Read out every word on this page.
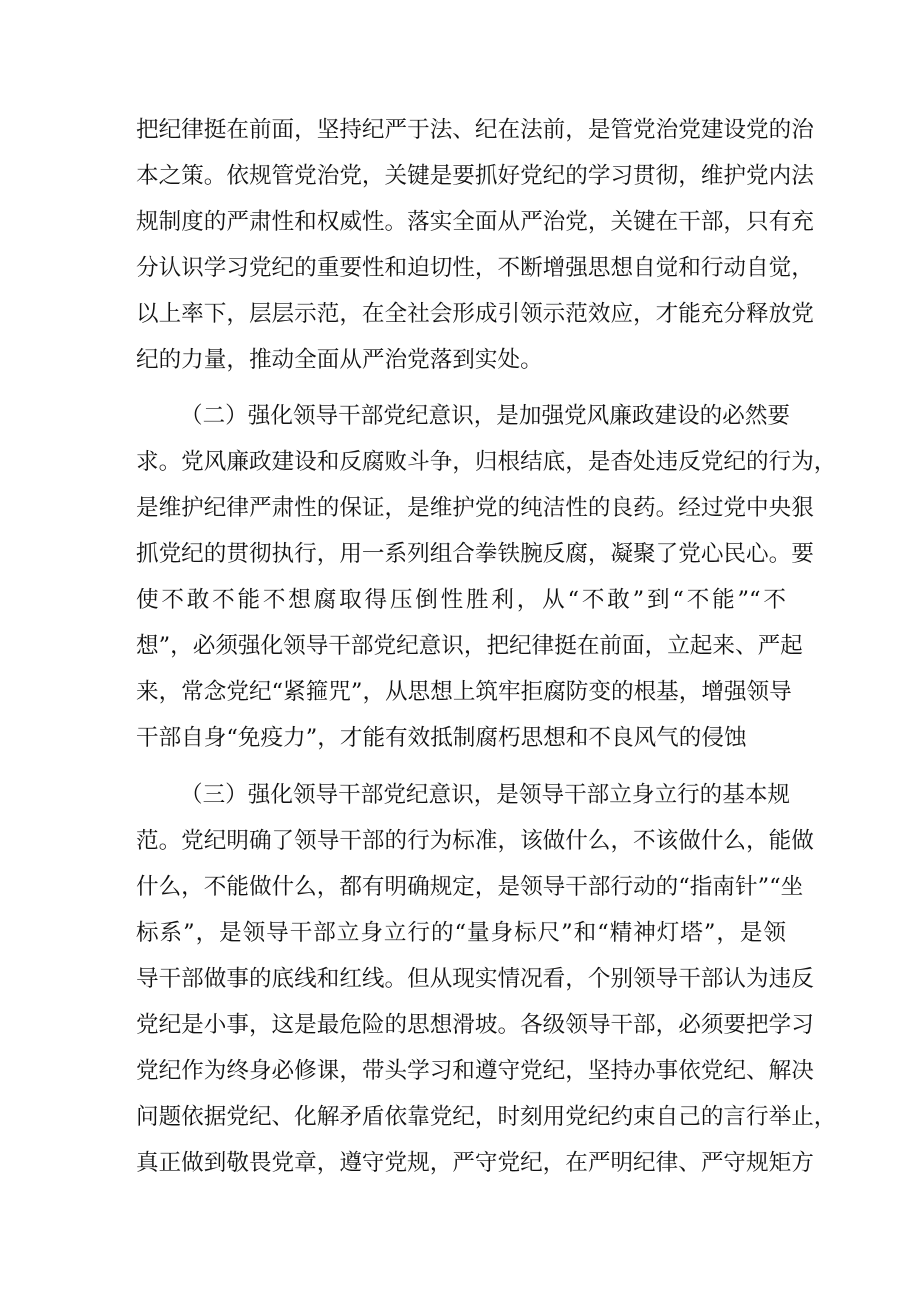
把纪律挺在前面，坚持纪严于法、纪在法前，是管党治党建设党的治
本之策。依规管党治党，关键是要抓好党纪的学习贯彻，维护党内法
规制度的严肃性和权威性。落实全面从严治党，关键在干部，只有充
分认识学习党纪的重要性和迫切性，不断增强思想自觉和行动自觉，
以上率下，层层示范，在全社会形成引领示范效应，才能充分释放党
纪的力量，推动全面从严治党落到实处。
（二）强化领导干部党纪意识，是加强党风廉政建设的必然要
求。党风廉政建设和反腐败斗争，归根结底，是杳处违反党纪的行为，
是维护纪律严肃性的保证，是维护党的纯洁性的良药。经过党中央狠
抓党纪的贯彻执行，用一系列组合拳铁腕反腐，凝聚了党心民心。要
使不敢不能不想腐取得压倒性胜利，从“不敢”到“不能”“不
想”，必须强化领导干部党纪意识，把纪律挺在前面，立起来、严起
来，常念党纪“紧箍咒”，从思想上筑牢拒腐防变的根基，增强领导
干部自身“免疫力”，才能有效抵制腐朽思想和不良风气的侵蚀
（三）强化领导干部党纪意识，是领导干部立身立行的基本规
范。党纪明确了领导干部的行为标准，该做什么，不该做什么，能做
什么，不能做什么，都有明确规定，是领导干部行动的“指南针”“坐
标系”，是领导干部立身立行的“量身标尺”和“精神灯塔”，是领
导干部做事的底线和红线。但从现实情况看，个别领导干部认为违反
党纪是小事，这是最危险的思想滑坡。各级领导干部，必须要把学习
党纪作为终身必修课，带头学习和遵守党纪，坚持办事依党纪、解决
问题依据党纪、化解矛盾依靠党纪，时刻用党纪约束自己的言行举止，
真正做到敬畏党章，遵守党规，严守党纪，在严明纪律、严守规矩方
